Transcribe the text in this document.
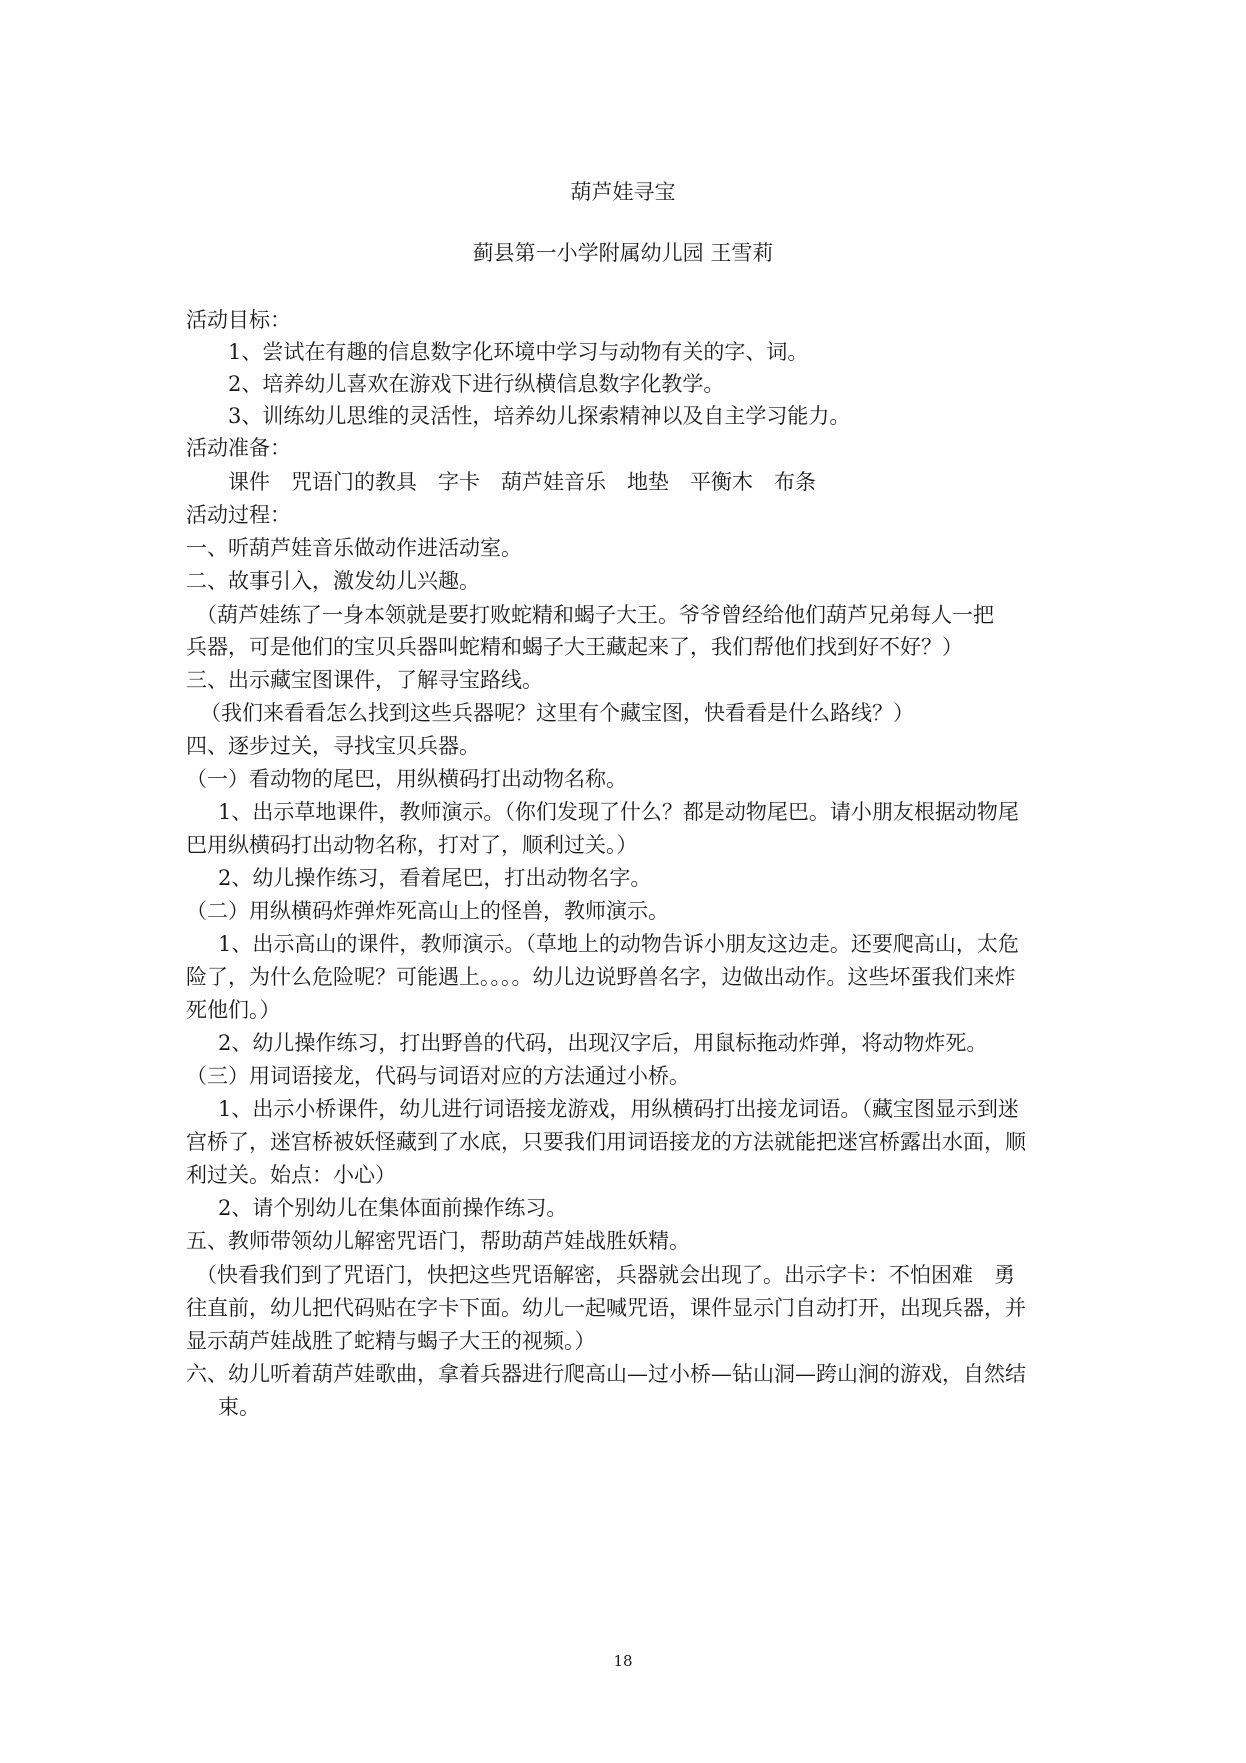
葫芦娃寻宝
蓟县第一小学附属幼儿园 王雪莉
活动目标：
1、尝试在有趣的信息数字化环境中学习与动物有关的字、词。
2、培养幼儿喜欢在游戏下进行纵横信息数字化教学。
3、训练幼儿思维的灵活性，培养幼儿探索精神以及自主学习能力。
活动准备：
课件　咒语门的教具　字卡　葫芦娃音乐　地垫　平衡木　布条
活动过程：
一、听葫芦娃音乐做动作进活动室。
二、故事引入，激发幼儿兴趣。
（葫芦娃练了一身本领就是要打败蛇精和蝎子大王。爷爷曾经给他们葫芦兄弟每人一把
兵器，可是他们的宝贝兵器叫蛇精和蝎子大王藏起来了，我们帮他们找到好不好？）
三、出示藏宝图课件，了解寻宝路线。
（我们来看看怎么找到这些兵器呢？这里有个藏宝图，快看看是什么路线？）
四、逐步过关，寻找宝贝兵器。
（一）看动物的尾巴，用纵横码打出动物名称。
1、出示草地课件，教师演示。（你们发现了什么？都是动物尾巴。请小朋友根据动物尾
巴用纵横码打出动物名称，打对了，顺利过关。）
2、幼儿操作练习，看着尾巴，打出动物名字。
（二）用纵横码炸弹炸死高山上的怪兽，教师演示。
1、出示高山的课件，教师演示。（草地上的动物告诉小朋友这边走。还要爬高山，太危
险了，为什么危险呢？可能遇上。。。。幼儿边说野兽名字，边做出动作。这些坏蛋我们来炸
死他们。）
2、幼儿操作练习，打出野兽的代码，出现汉字后，用鼠标拖动炸弹，将动物炸死。
（三）用词语接龙，代码与词语对应的方法通过小桥。
1、出示小桥课件，幼儿进行词语接龙游戏，用纵横码打出接龙词语。（藏宝图显示到迷
宫桥了，迷宫桥被妖怪藏到了水底，只要我们用词语接龙的方法就能把迷宫桥露出水面，顺
利过关。始点：小心）
2、请个别幼儿在集体面前操作练习。
五、教师带领幼儿解密咒语门，帮助葫芦娃战胜妖精。
（快看我们到了咒语门，快把这些咒语解密，兵器就会出现了。出示字卡：不怕困难　勇
往直前，幼儿把代码贴在字卡下面。幼儿一起喊咒语，课件显示门自动打开，出现兵器，并
显示葫芦娃战胜了蛇精与蝎子大王的视频。）
六、幼儿听着葫芦娃歌曲，拿着兵器进行爬高山—过小桥—钻山洞—跨山涧的游戏，自然结
束。
18
